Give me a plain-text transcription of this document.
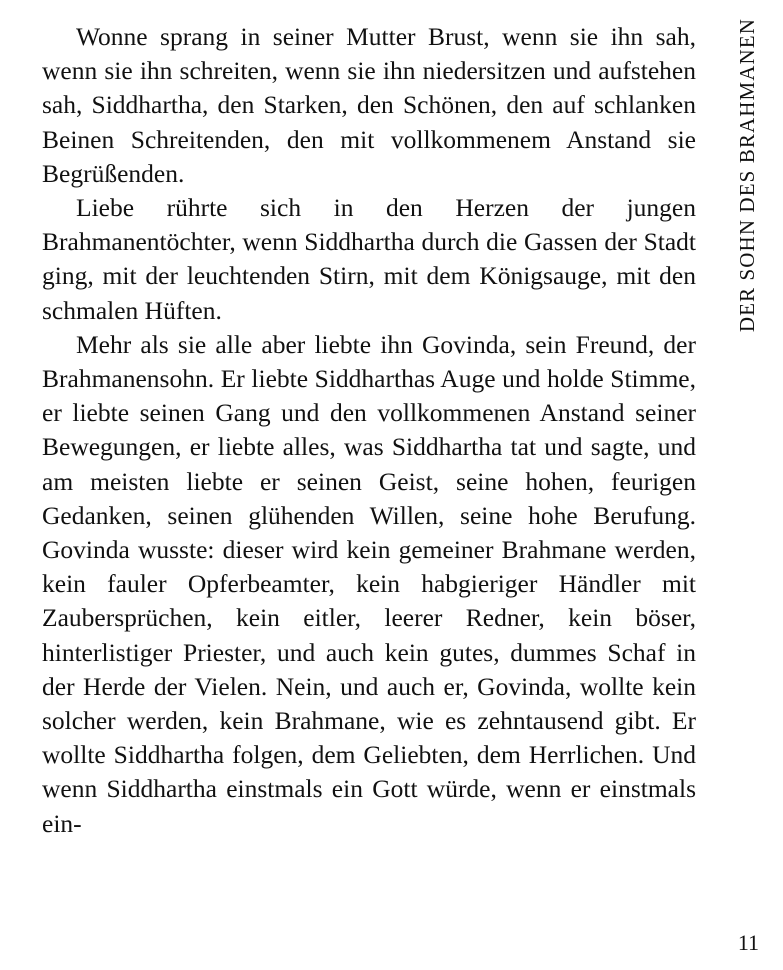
Wonne sprang in seiner Mutter Brust, wenn sie ihn sah, wenn sie ihn schreiten, wenn sie ihn niedersitzen und aufstehen sah, Siddhartha, den Starken, den Schönen, den auf schlanken Beinen Schreitenden, den mit vollkommenem Anstand sie Begrüßenden.

Liebe rührte sich in den Herzen der jungen Brahmanentöchter, wenn Siddhartha durch die Gassen der Stadt ging, mit der leuchtenden Stirn, mit dem Königsauge, mit den schmalen Hüften.

Mehr als sie alle aber liebte ihn Govinda, sein Freund, der Brahmanensohn. Er liebte Siddharthas Auge und holde Stimme, er liebte seinen Gang und den vollkommenen Anstand seiner Bewegungen, er liebte alles, was Siddhartha tat und sagte, und am meisten liebte er seinen Geist, seine hohen, feurigen Gedanken, seinen glühenden Willen, seine hohe Berufung. Govinda wusste: dieser wird kein gemeiner Brahmane werden, kein fauler Opferbeamter, kein habgieriger Händler mit Zaubersprüchen, kein eitler, leerer Redner, kein böser, hinterlistiger Priester, und auch kein gutes, dummes Schaf in der Herde der Vielen. Nein, und auch er, Govinda, wollte kein solcher werden, kein Brahmane, wie es zehntausend gibt. Er wollte Siddhartha folgen, dem Geliebten, dem Herrlichen. Und wenn Siddhartha einstmals ein Gott würde, wenn er einstmals ein-

DER SOHN DES BRAHMANEN
11
